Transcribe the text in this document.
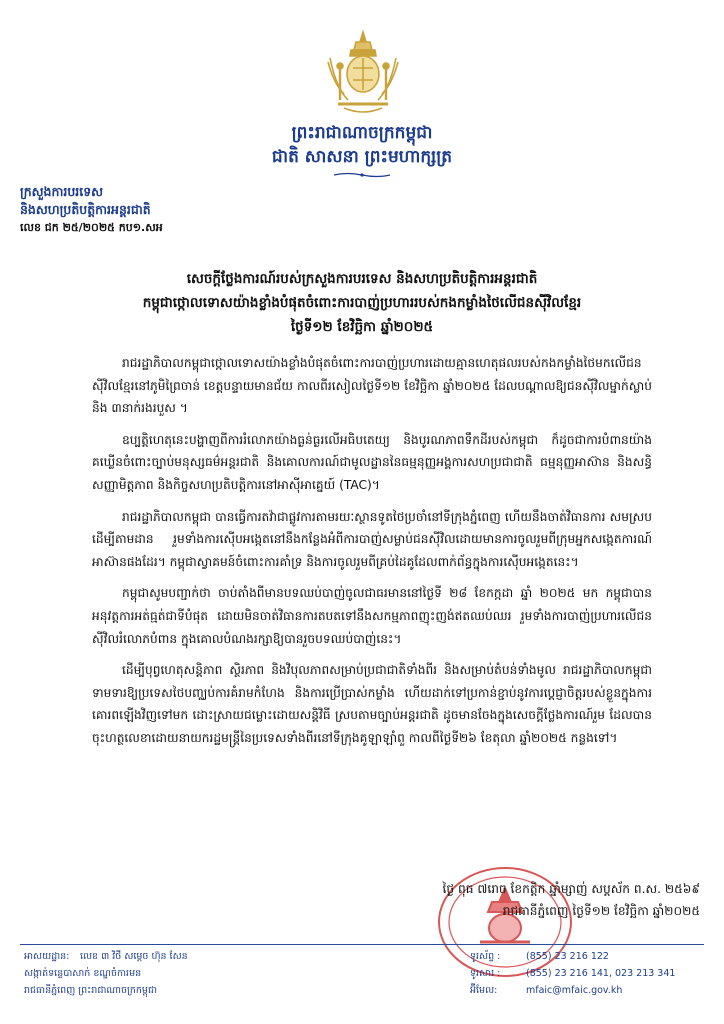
ព្រះរាជាណាចក្រកម្ពុជា
ជាតិ សាសនា ព្រះមហាក្សត្រ
ក្រសួងការបរទេស
និងសហប្រតិបត្តិការអន្តរជាតិ
លេខ ជក ២៥/២០២៥ កប១.សអ
សេចក្តីថ្លែងការណ៍របស់ក្រសួងការបរទេស និងសហប្រតិបត្តិការអន្តរជាតិ
កម្ពុជាថ្កោលទោសយ៉ាងខ្លាំងបំផុតចំពោះការបាញ់ប្រហាររបស់កងកម្លាំងថៃលើជនស៊ីវិលខ្មែរ
ថ្ងៃទី១២ ខែវិច្ឆិកា ឆ្នាំ២០២៥

រាជរដ្ឋាភិបាលកម្ពុជាថ្កោលទោសយ៉ាងខ្លាំងបំផុតចំពោះការបាញ់ប្រហារដោយគ្មានហេតុផលរបស់កងកម្លាំងថៃមកលើជនស៊ីវិលខ្មែរនៅភូមិព្រៃចាន់ ខេត្តបន្ទាយមានជ័យ កាលពីរសៀលថ្ងៃទី១២ ខែវិច្ឆិកា ឆ្នាំ២០២៥ ដែលបណ្តាលឱ្យជនស៊ីវិលម្នាក់ស្លាប់ និង ៣នាក់រងរបួស ។

ឧប្បត្តិហេតុនេះបង្ហាញពីការរំលោភយ៉ាងធ្ងន់ធ្ងរលើអធិបតេយ្យ និងបូរណភាពទឹកដីរបស់កម្ពុជា ក៏ដូចជាការបំពានយ៉ាងគឃ្លើនចំពោះច្បាប់មនុស្សធម៌អន្តរជាតិ និងគោលការណ៍ជាមូលដ្ឋាននៃធម្មនុញ្ញអង្គការសហប្រជាជាតិ ធម្មនុញ្ញអាស៊ាន និងសន្ធិសញ្ញាមិត្តភាព និងកិច្ចសហប្រតិបត្តិការនៅអាស៊ីអាគ្នេយ៍ (TAC)។

រាជរដ្ឋាភិបាលកម្ពុជា បានធ្វើការតវ៉ាជាផ្លូវការតាមរយៈស្ថានទូតថៃប្រចាំនៅទីក្រុងភ្នំពេញ ហើយនឹងចាត់វិធានការ សមស្របដើម្បីតាមដាន រួមទាំងការស៊ើបអង្កេតនៅនឹងកន្លែងអំពីការបាញ់សម្លាប់ជនស៊ីវិលដោយមានការចូលរួមពីក្រុមអ្នកសង្កេតការណ៍អាស៊ានផងដែរ។ កម្ពុជាស្វាគមន៍ចំពោះការគាំទ្រ និងការចូលរួមពីគ្រប់ដៃគូដែលពាក់ព័ន្ធក្នុងការស៊ើបអង្កេតនេះ។

កម្ពុជាសូមបញ្ជាក់ថា ចាប់តាំងពីមានបទឈប់បាញ់ចូលជាធរមាននៅថ្ងៃទី ២៨ ខែកក្កដា ឆ្នាំ ២០២៥ មក កម្ពុជាបានអនុវត្តការអត់ធ្មត់ជាទីបំផុត ដោយមិនចាត់វិធានការតបតទៅនឹងសកម្មភាពញុះញង់ឥតឈប់ឈរ រួមទាំងការបាញ់ប្រហារលើជនស៊ីវិលរំលោភបំពាន ក្នុងគោលបំណងរក្សាឱ្យបានរួចបទឈប់បាញ់នេះ។

ដើម្បីបុព្វហេតុសន្តិភាព ស្ថិរភាព និងវិបុលភាពសម្រាប់ប្រជាជាតិទាំងពីរ និងសម្រាប់តំបន់ទាំងមូល រាជរដ្ឋាភិបាលកម្ពុជាទាមទារឱ្យប្រទេសថៃបញ្ឈប់ការគំរាមកំហែង និងការប្រើប្រាស់កម្លាំង ហើយដាក់ទៅប្រកាន់ខ្ជាប់នូវការប្តេជ្ញាចិត្តរបស់ខ្លួនក្នុងការគោរពឡើងវិញទៅមក ដោះស្រាយជម្លោះដោយសន្តិវិធី ស្របតាមច្បាប់អន្តរជាតិ ដូចមានចែងក្នុងសេចក្តីថ្លែងការណ៍រួម ដែលបានចុះហត្ថលេខាដោយនាយករដ្ឋមន្ត្រីនៃប្រទេសទាំងពីរនៅទីក្រុងគូឡាឡាំពួ កាលពីថ្ងៃទី២៦ ខែតុលា ឆ្នាំ២០២៥ កន្លងទៅ។

ថ្ងៃ ពុធ ៧រោច ខែកត្តិក ឆ្នាំម្សាញ់ សប្តស័ក ព.ស. ២៥៦៩
រាជធានីភ្នំពេញ ថ្ងៃទី១២ ខែវិច្ឆិកា ឆ្នាំ២០២៥
អាសយដ្ឋាន: លេខ ៣ វិថី សម្តេច ហ៊ុន សែន
សង្កាត់ទន្លេបាសាក់ ខណ្ឌចំការមន
រាជធានីភ្នំពេញ ព្រះរាជាណាចក្រកម្ពុជា
ទូរស័ព្ទ :	(855) 23 216 122
ទូរសារ :	(855) 23 216 141, 023 213 341
អ៊ីមែល:	mfaic@mfaic.gov.kh
